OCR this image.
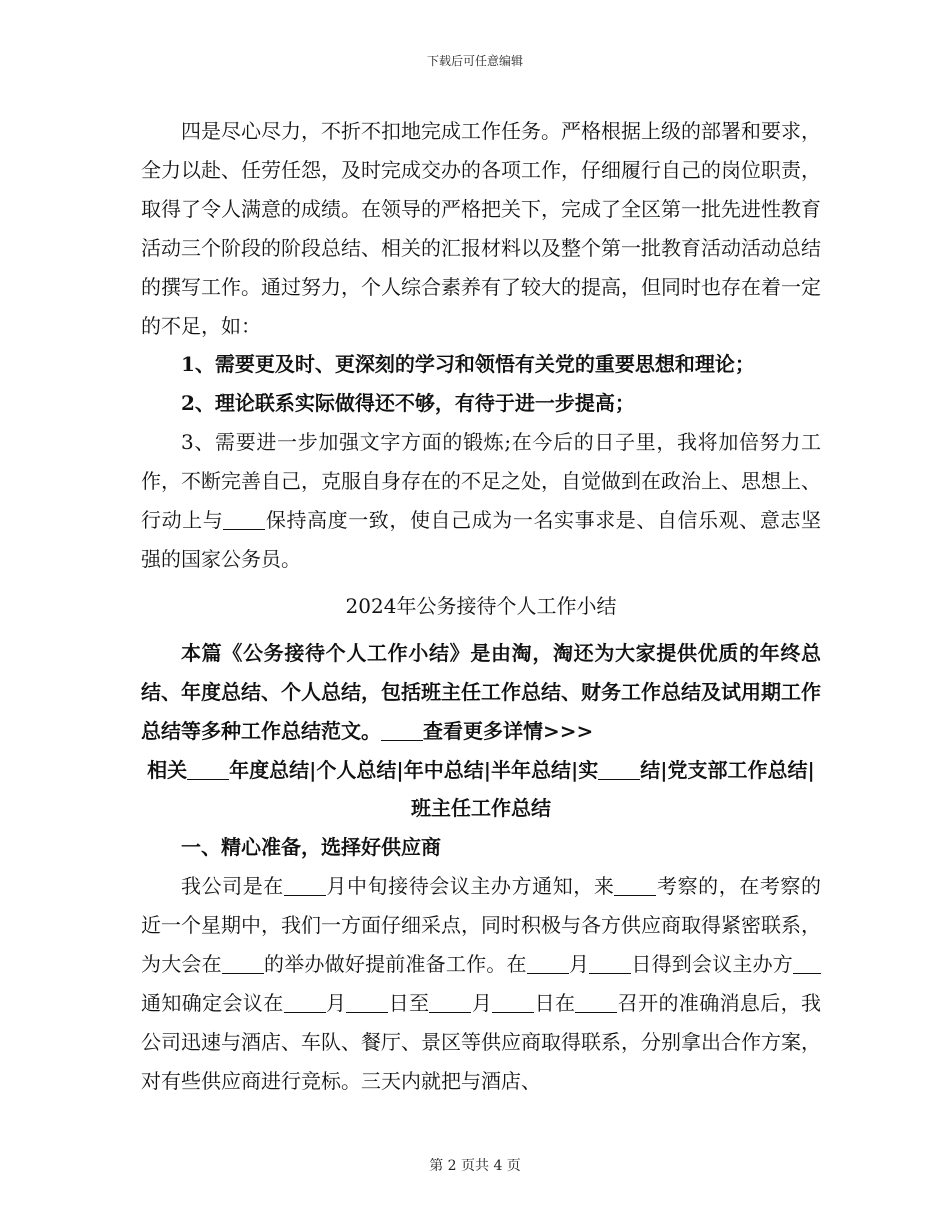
下载后可任意编辑

四是尽心尽力，不折不扣地完成工作任务。严格根据上级的部署和要求，全力以赴、任劳任怨，及时完成交办的各项工作，仔细履行自己的岗位职责，取得了令人满意的成绩。在领导的严格把关下，完成了全区第一批先进性教育活动三个阶段的阶段总结、相关的汇报材料以及整个第一批教育活动活动总结的撰写工作。通过努力，个人综合素养有了较大的提高，但同时也存在着一定的不足，如：

1、需要更及时、更深刻的学习和领悟有关党的重要思想和理论；

2、理论联系实际做得还不够，有待于进一步提高；

3、需要进一步加强文字方面的锻炼;在今后的日子里，我将加倍努力工作，不断完善自己，克服自身存在的不足之处，自觉做到在政治上、思想上、行动上与 保持高度一致，使自己成为一名实事求是、自信乐观、意志坚强的国家公务员。

2024年公务接待个人工作小结

本篇《公务接待个人工作小结》是由淘，淘还为大家提供优质的年终总结、年度总结、个人总结，包括班主任工作总结、财务工作总结及试用期工作总结等多种工作总结范文。 查看更多详情>>>

相关 年度总结|个人总结|年中总结|半年总结|实 结|党支部工作总结|班主任工作总结

一、精心准备，选择好供应商

我公司是在 月中旬接待会议主办方通知，来 考察的，在考察的近一个星期中，我们一方面仔细采点，同时积极与各方供应商取得紧密联系，为大会在 的举办做好提前准备工作。在 月 日得到会议主办方通知确定会议在 月 日至 月 日在 召开的准确消息后，我公司迅速与酒店、车队、餐厅、景区等供应商取得联系，分别拿出合作方案，对有些供应商进行竞标。三天内就把与酒店、

第 2 页共 4 页
